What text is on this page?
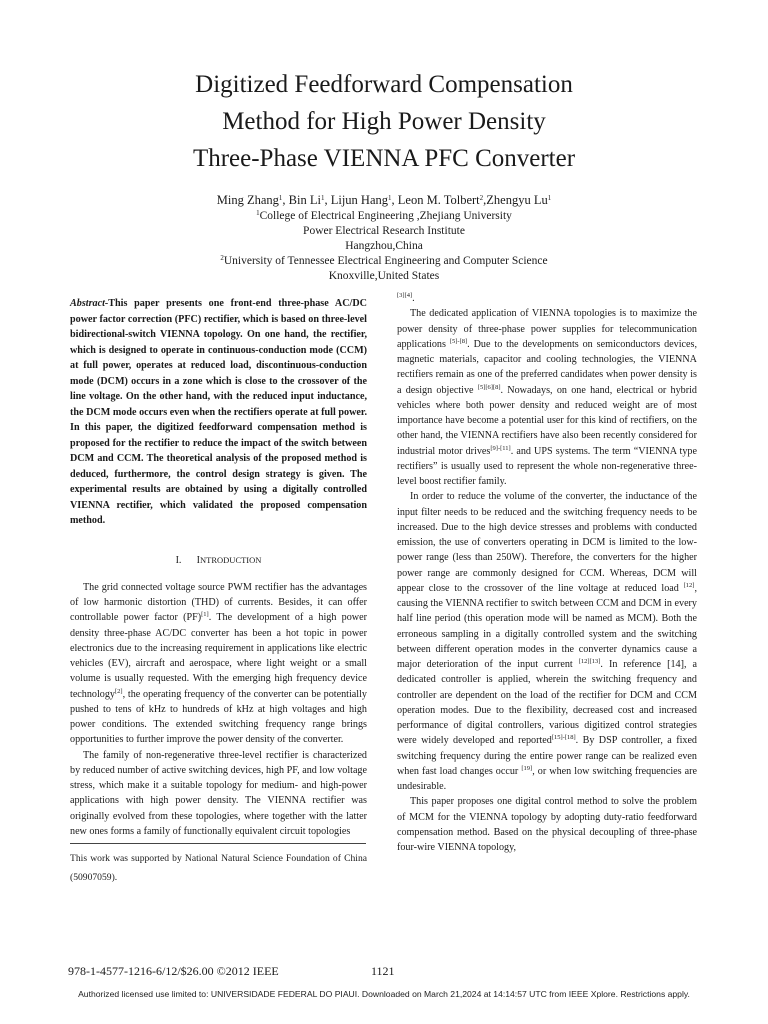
Digitized Feedforward Compensation
Method for High Power Density
Three-Phase VIENNA PFC Converter
Ming Zhang$^1$, Bin Li$^1$, Lijun Hang$^1$, Leon M. Tolbert$^2$,Zhengyu Lu$^1$
$^1$College of Electrical Engineering ,Zhejiang University
Power Electrical Research Institute
Hangzhou,China
$^2$University of Tennessee Electrical Engineering and Computer Science
Knoxville,United States

Abstract-This paper presents one front-end three-phase AC/DC power factor correction (PFC) rectifier, which is based on three-level bidirectional-switch VIENNA topology. On one hand, the rectifier, which is designed to operate in continuous-conduction mode (CCM) at full power, operates at reduced load, discontinuous-conduction mode (DCM) occurs in a zone which is close to the crossover of the line voltage. On the other hand, with the reduced input inductance, the DCM mode occurs even when the rectifiers operate at full power. In this paper, the digitized feedforward compensation method is proposed for the rectifier to reduce the impact of the switch between DCM and CCM. The theoretical analysis of the proposed method is deduced, furthermore, the control design strategy is given. The experimental results are obtained by using a digitally controlled VIENNA rectifier, which validated the proposed compensation method.

I. INTRODUCTION

The grid connected voltage source PWM rectifier has the advantages of low harmonic distortion (THD) of currents. Besides, it can offer controllable power factor (PF)[1]. The development of a high power density three-phase AC/DC converter has been a hot topic in power electronics due to the increasing requirement in applications like electric vehicles (EV), aircraft and aerospace, where light weight or a small volume is usually requested. With the emerging high frequency device technology[2], the operating frequency of the converter can be potentially pushed to tens of kHz to hundreds of kHz at high voltages and high power conditions. The extended switching frequency range brings opportunities to further improve the power density of the converter.

The family of non-regenerative three-level rectifier is characterized by reduced number of active switching devices, high PF, and low voltage stress, which make it a suitable topology for medium- and high-power applications with high power density. The VIENNA rectifier was originally evolved from these topologies, where together with the latter new ones forms a family of functionally equivalent circuit topologies

This work was supported by National Natural Science Foundation of China (50907059).

[3][4].

The dedicated application of VIENNA topologies is to maximize the power density of three-phase power supplies for telecommunication applications [5]-[8]. Due to the developments on semiconductors devices, magnetic materials, capacitor and cooling technologies, the VIENNA rectifiers remain as one of the preferred candidates when power density is a design objective [5][6][8]. Nowadays, on one hand, electrical or hybrid vehicles where both power density and reduced weight are of most importance have become a potential user for this kind of rectifiers, on the other hand, the VIENNA rectifiers have also been recently considered for industrial motor drives[9]-[11]. and UPS systems. The term “VIENNA type rectifiers” is usually used to represent the whole non-regenerative three-level boost rectifier family.

In order to reduce the volume of the converter, the inductance of the input filter needs to be reduced and the switching frequency needs to be increased. Due to the high device stresses and problems with conducted emission, the use of converters operating in DCM is limited to the low-power range (less than 250W). Therefore, the converters for the higher power range are commonly designed for CCM. Whereas, DCM will appear close to the crossover of the line voltage at reduced load [12], causing the VIENNA rectifier to switch between CCM and DCM in every half line period (this operation mode will be named as MCM). Both the erroneous sampling in a digitally controlled system and the switching between different operation modes in the converter dynamics cause a major deterioration of the input current [12][13]. In reference [14], a dedicated controller is applied, wherein the switching frequency and controller are dependent on the load of the rectifier for DCM and CCM operation modes. Due to the flexibility, decreased cost and increased performance of digital controllers, various digitized control strategies were widely developed and reported[15]-[18]. By DSP controller, a fixed switching frequency during the entire power range can be realized even when fast load changes occur [19], or when low switching frequencies are undesirable.

This paper proposes one digital control method to solve the problem of MCM for the VIENNA topology by adopting duty-ratio feedforward compensation method. Based on the physical decoupling of three-phase four-wire VIENNA topology,

978-1-4577-1216-6/12/$26.00 ©2012 IEEE	1121
Authorized licensed use limited to: UNIVERSIDADE FEDERAL DO PIAUI. Downloaded on March 21,2024 at 14:14:57 UTC from IEEE Xplore. Restrictions apply.
